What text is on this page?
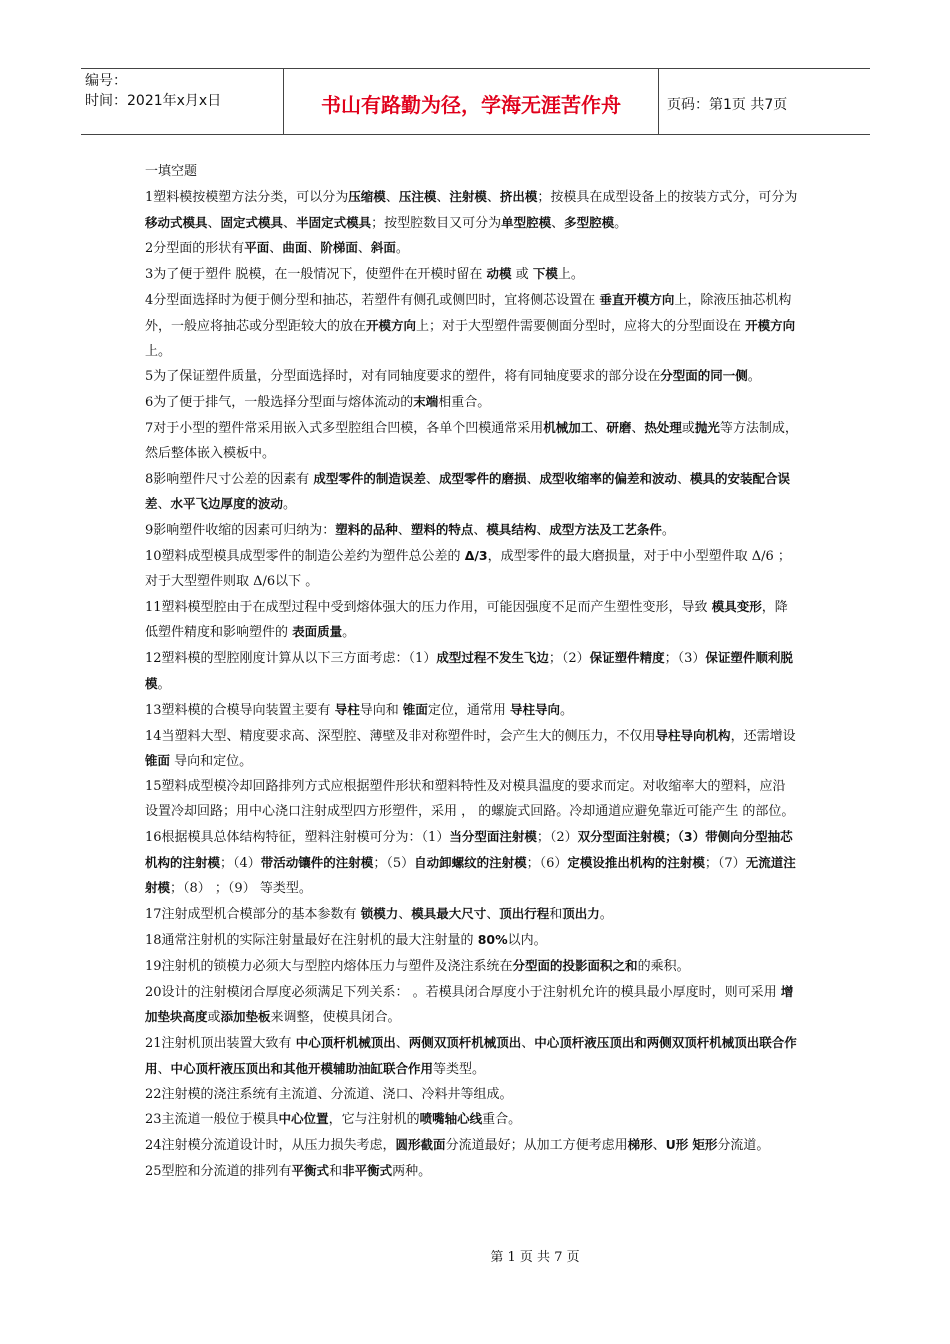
编号：
时间：2021年x月x日	书山有路勤为径，学海无涯苦作舟	页码：第1页 共7页

一填空题

1塑料模按模塑方法分类，可以分为压缩模、压注模、注射模、挤出模；按模具在成型设备上的按装方式分，可分为移动式模具、固定式模具、半固定式模具；按型腔数目又可分为单型腔模、多型腔模。

2分型面的形状有平面、曲面、阶梯面、斜面。

3为了便于塑件 脱模，在一般情况下，使塑件在开模时留在 动模 或 下模上。

4分型面选择时为便于侧分型和抽芯，若塑件有侧孔或侧凹时，宜将侧芯设置在 垂直开模方向上，除液压抽芯机构外，一般应将抽芯或分型距较大的放在开模方向上；对于大型塑件需要侧面分型时，应将大的分型面设在 开模方向上。

5为了保证塑件质量，分型面选择时，对有同轴度要求的塑件，将有同轴度要求的部分设在分型面的同一侧。

6为了便于排气，一般选择分型面与熔体流动的末端相重合。

7对于小型的塑件常采用嵌入式多型腔组合凹模，各单个凹模通常采用机械加工、研磨、热处理或抛光等方法制成，然后整体嵌入模板中。

8影响塑件尺寸公差的因素有 成型零件的制造误差、成型零件的磨损、成型收缩率的偏差和波动、模具的安装配合误差、水平飞边厚度的波动。

9影响塑件收缩的因素可归纳为：塑料的品种、塑料的特点、模具结构、成型方法及工艺条件。

10塑料成型模具成型零件的制造公差约为塑件总公差的 Δ/3，成型零件的最大磨损量，对于中小型塑件取 Δ/6 ；对于大型塑件则取 Δ/6以下 。

11塑料模型腔由于在成型过程中受到熔体强大的压力作用，可能因强度不足而产生塑性变形，导致 模具变形，降低塑件精度和影响塑件的 表面质量。

12塑料模的型腔刚度计算从以下三方面考虑：（1）成型过程不发生飞边；（2）保证塑件精度；（3）保证塑件顺利脱模。

13塑料模的合模导向装置主要有 导柱导向和 锥面定位，通常用 导柱导向。

14当塑料大型、精度要求高、深型腔、薄壁及非对称塑件时，会产生大的侧压力，不仅用导柱导向机构，还需增设 锥面 导向和定位。

15塑料成型模冷却回路排列方式应根据塑件形状和塑料特性及对模具温度的要求而定。对收缩率大的塑料，应沿 设置冷却回路；用中心浇口注射成型四方形塑件，采用 ， 的螺旋式回路。冷却通道应避免靠近可能产生 的部位。

16根据模具总体结构特征，塑料注射模可分为：（1）当分型面注射模；（2）双分型面注射模；（3）带侧向分型抽芯机构的注射模；（4）带活动镶件的注射模；（5）自动卸螺纹的注射模；（6）定模设推出机构的注射模；（7）无流道注射模；（8） ；（9） 等类型。

17注射成型机合模部分的基本参数有 锁模力、模具最大尺寸、顶出行程和顶出力。

18通常注射机的实际注射量最好在注射机的最大注射量的 80%以内。

19注射机的锁模力必须大与型腔内熔体压力与塑件及浇注系统在分型面的投影面积之和的乘积。

20设计的注射模闭合厚度必须满足下列关系： 。若模具闭合厚度小于注射机允许的模具最小厚度时，则可采用 增加垫块高度或添加垫板来调整，使模具闭合。

21注射机顶出装置大致有 中心顶杆机械顶出、两侧双顶杆机械顶出、中心顶杆液压顶出和两侧双顶杆机械顶出联合作用、中心顶杆液压顶出和其他开模辅助油缸联合作用等类型。

22注射模的浇注系统有主流道、分流道、浇口、冷料井等组成。

23主流道一般位于模具中心位置，它与注射机的喷嘴轴心线重合。

24注射模分流道设计时，从压力损失考虑，圆形截面分流道最好；从加工方便考虑用梯形、U形 矩形分流道。

25型腔和分流道的排列有平衡式和非平衡式两种。

第 1 页 共 7 页
